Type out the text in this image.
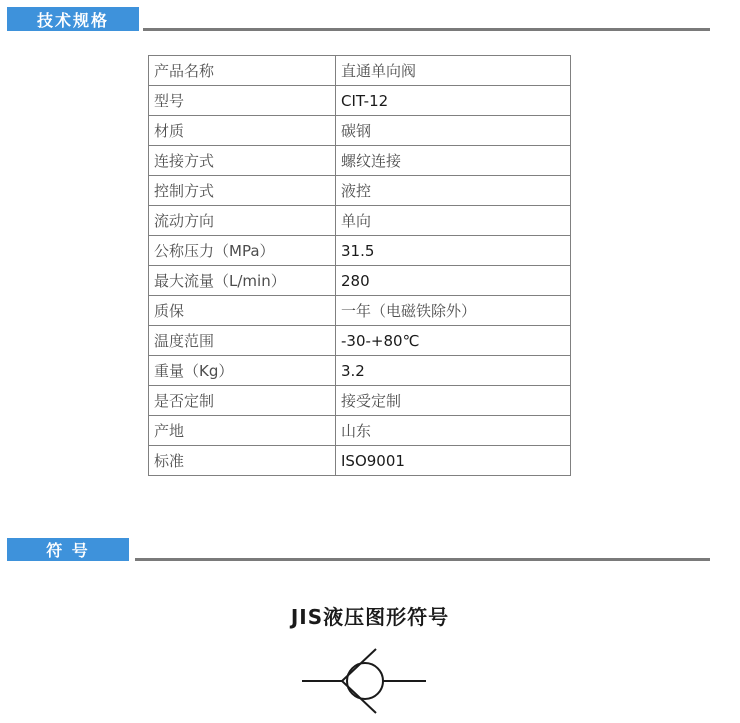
技术规格
产品名称	直通单向阀
型号	CIT-12
材质	碳钢
连接方式	螺纹连接
控制方式	液控
流动方向	单向
公称压力（MPa）	31.5
最大流量（L/min）	280
质保	一年（电磁铁除外）
温度范围	-30-+80℃
重量（Kg）	3.2
是否定制	接受定制
产地	山东
标准	ISO9001
符 号
JIS液压图形符号
